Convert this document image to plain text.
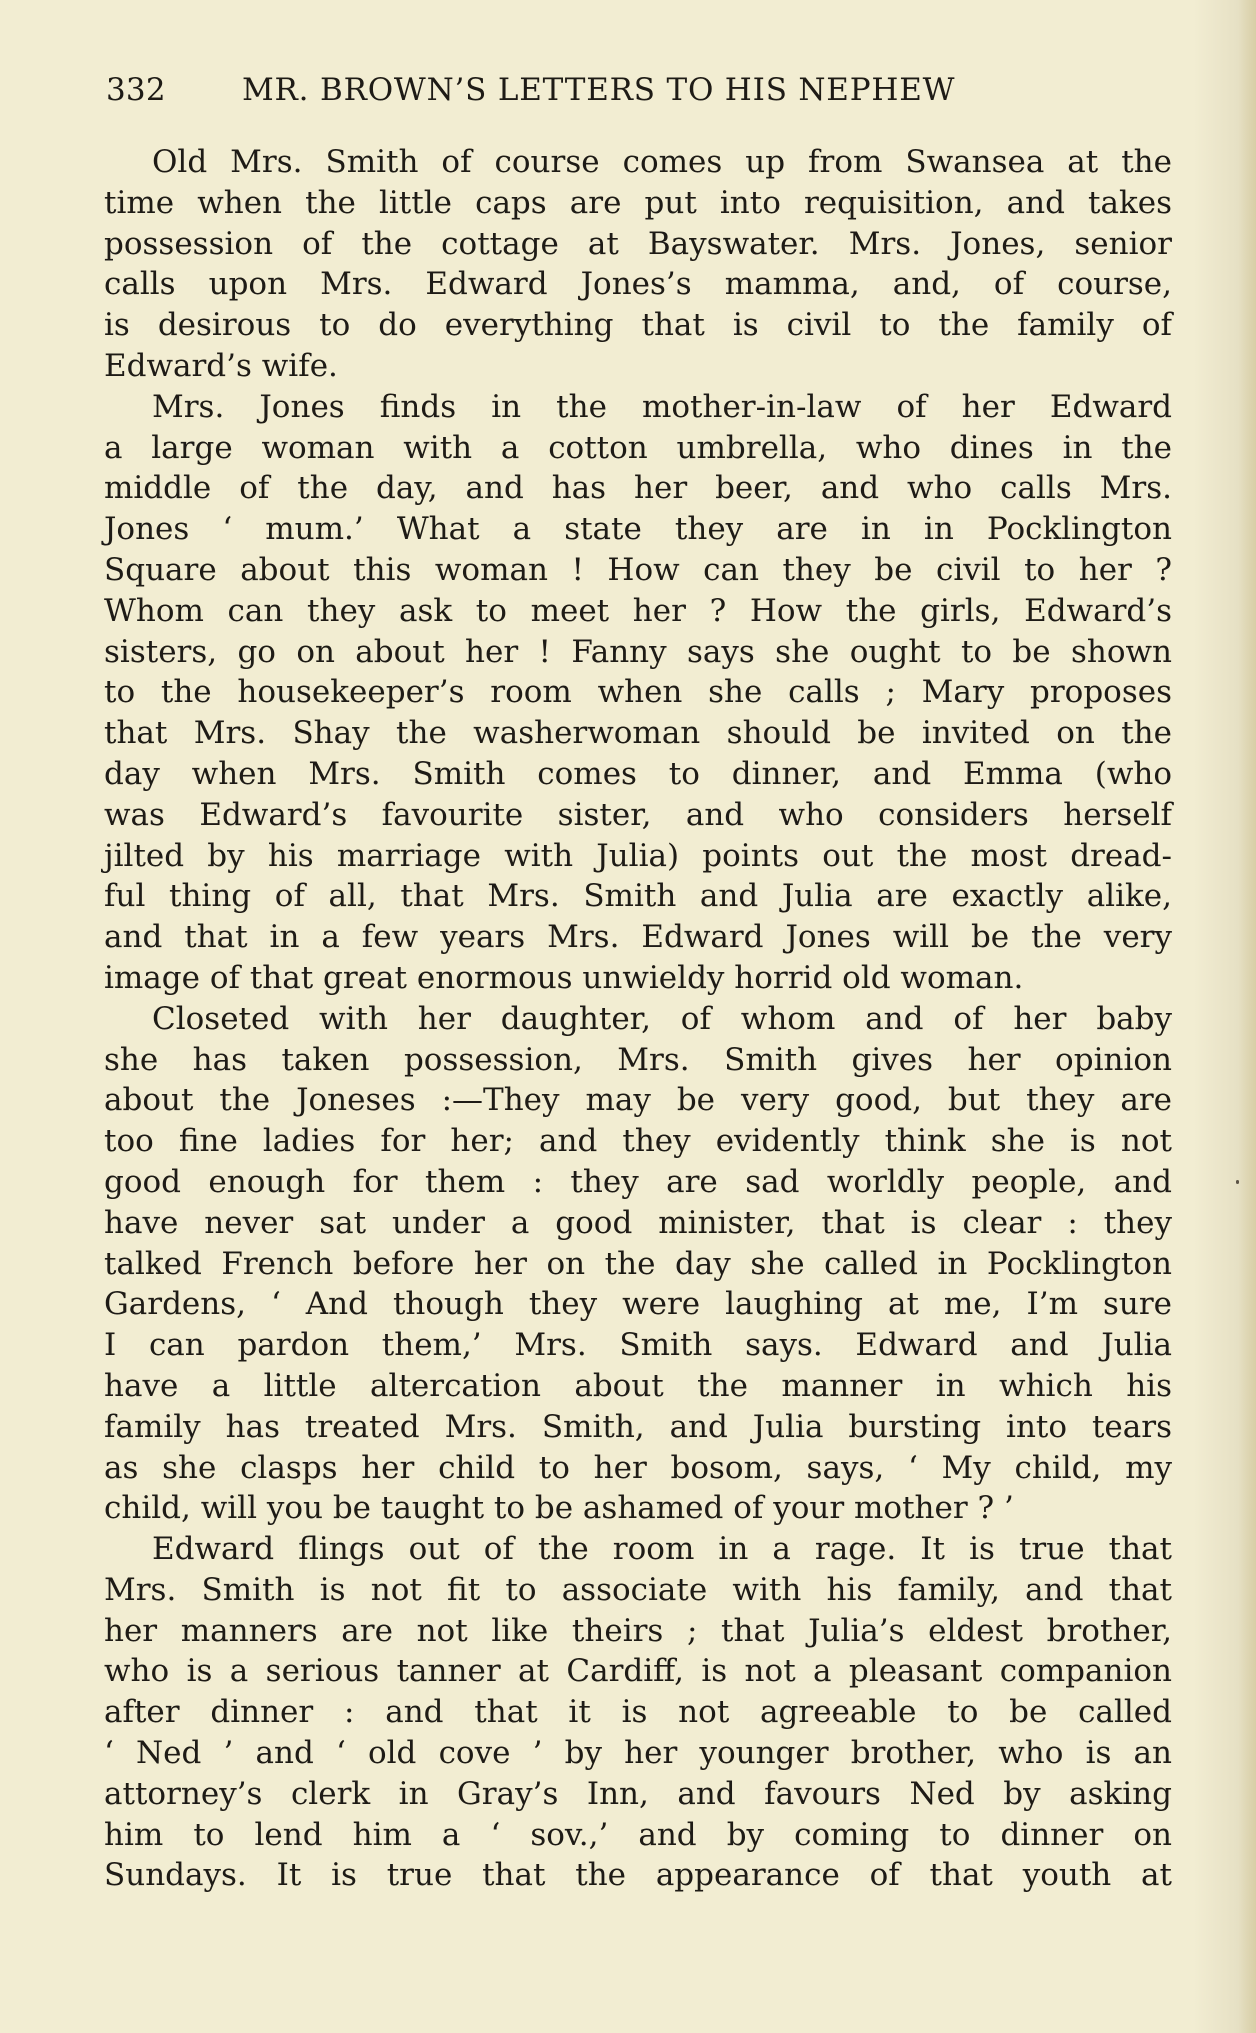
332 MR. BROWN’S LETTERS TO HIS NEPHEW
Old Mrs. Smith of course comes up from Swansea at the
time when the little caps are put into requisition, and takes
possession of the cottage at Bayswater. Mrs. Jones, senior
calls upon Mrs. Edward Jones’s mamma, and, of course,
is desirous to do everything that is civil to the family of
Edward’s wife.
Mrs. Jones finds in the mother-in-law of her Edward
a large woman with a cotton umbrella, who dines in the
middle of the day, and has her beer, and who calls Mrs.
Jones ‘ mum.’ What a state they are in in Pocklington
Square about this woman ! How can they be civil to her ?
Whom can they ask to meet her ? How the girls, Edward’s
sisters, go on about her ! Fanny says she ought to be shown
to the housekeeper’s room when she calls ; Mary proposes
that Mrs. Shay the washerwoman should be invited on the
day when Mrs. Smith comes to dinner, and Emma (who
was Edward’s favourite sister, and who considers herself
jilted by his marriage with Julia) points out the most dread-
ful thing of all, that Mrs. Smith and Julia are exactly alike,
and that in a few years Mrs. Edward Jones will be the very
image of that great enormous unwieldy horrid old woman.
Closeted with her daughter, of whom and of her baby
she has taken possession, Mrs. Smith gives her opinion
about the Joneses :—They may be very good, but they are
too fine ladies for her; and they evidently think she is not
good enough for them : they are sad worldly people, and
have never sat under a good minister, that is clear : they
talked French before her on the day she called in Pocklington
Gardens, ‘ And though they were laughing at me, I’m sure
I can pardon them,’ Mrs. Smith says. Edward and Julia
have a little altercation about the manner in which his
family has treated Mrs. Smith, and Julia bursting into tears
as she clasps her child to her bosom, says, ‘ My child, my
child, will you be taught to be ashamed of your mother ? ’
Edward flings out of the room in a rage. It is true that
Mrs. Smith is not fit to associate with his family, and that
her manners are not like theirs ; that Julia’s eldest brother,
who is a serious tanner at Cardiff, is not a pleasant companion
after dinner : and that it is not agreeable to be called
‘ Ned ’ and ‘ old cove ’ by her younger brother, who is an
attorney’s clerk in Gray’s Inn, and favours Ned by asking
him to lend him a ‘ sov.,’ and by coming to dinner on
Sundays. It is true that the appearance of that youth at
